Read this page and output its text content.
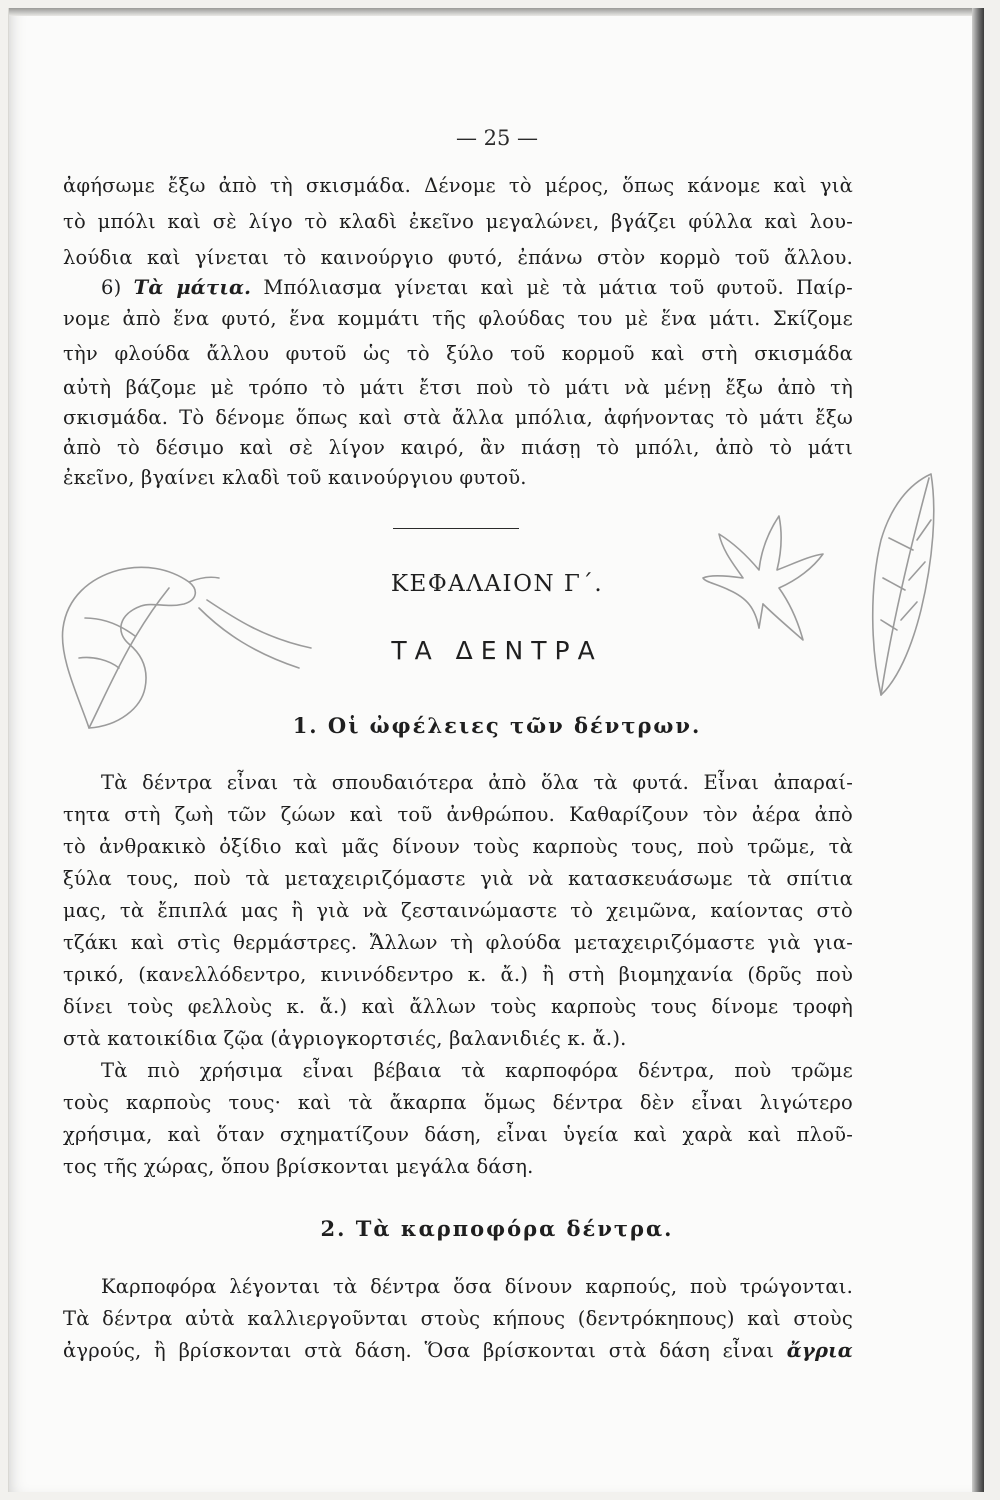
— 25 —
ἀφήσωμε ἔξω ἀπὸ τὴ σκισμάδα. Δένομε τὸ μέρος, ὅπως κάνομε καὶ γιὰ
τὸ μπόλι καὶ σὲ λίγο τὸ κλαδὶ ἐκεῖνο μεγαλώνει, βγάζει φύλλα καὶ λου-
λούδια καὶ γίνεται τὸ καινούργιο φυτό, ἐπάνω στὸν κορμὸ τοῦ ἄλλου.
6) Τὰ μάτια. Μπόλιασμα γίνεται καὶ μὲ τὰ μάτια τοῦ φυτοῦ. Παίρ-
νομε ἀπὸ ἕνα φυτό, ἕνα κομμάτι τῆς φλούδας του μὲ ἕνα μάτι. Σκίζομε
τὴν φλούδα ἄλλου φυτοῦ ὡς τὸ ξύλο τοῦ κορμοῦ καὶ στὴ σκισμάδα
αὐτὴ βάζομε μὲ τρόπο τὸ μάτι ἔτσι ποὺ τὸ μάτι νὰ μένῃ ἔξω ἀπὸ τὴ
σκισμάδα. Τὸ δένομε ὅπως καὶ στὰ ἄλλα μπόλια, ἀφήνοντας τὸ μάτι ἔξω
ἀπὸ τὸ δέσιμο καὶ σὲ λίγον καιρό, ἂν πιάσῃ τὸ μπόλι, ἀπὸ τὸ μάτι
ἐκεῖνο, βγαίνει κλαδὶ τοῦ καινούργιου φυτοῦ.
ΚΕΦΑΛΑΙΟΝ Γ΄.
ΤΑ ΔΕΝΤΡΑ
1. Οἱ ὠφέλειες τῶν δέντρων.
Τὰ δέντρα εἶναι τὰ σπουδαιότερα ἀπὸ ὅλα τὰ φυτά. Εἶναι ἀπαραί-
τητα στὴ ζωὴ τῶν ζώων καὶ τοῦ ἀνθρώπου. Καθαρίζουν τὸν ἀέρα ἀπὸ
τὸ ἀνθρακικὸ ὀξίδιο καὶ μᾶς δίνουν τοὺς καρποὺς τους, ποὺ τρῶμε, τὰ
ξύλα τους, ποὺ τὰ μεταχειριζόμαστε γιὰ νὰ κατασκευάσωμε τὰ σπίτια
μας, τὰ ἔπιπλά μας ἢ γιὰ νὰ ζεσταινώμαστε τὸ χειμῶνα, καίοντας στὸ
τζάκι καὶ στὶς θερμάστρες. Ἄλλων τὴ φλούδα μεταχειριζόμαστε γιὰ για-
τρικό, (κανελλόδεντρο, κινινόδεντρο κ. ἄ.) ἢ στὴ βιομηχανία (δρῦς ποὺ
δίνει τοὺς φελλοὺς κ. ἄ.) καὶ ἄλλων τοὺς καρποὺς τους δίνομε τροφὴ
στὰ κατοικίδια ζῷα (ἀγριογκορτσιές, βαλανιδιές κ. ἄ.).
Τὰ πιὸ χρήσιμα εἶναι βέβαια τὰ καρποφόρα δέντρα, ποὺ τρῶμε
τοὺς καρποὺς τους· καὶ τὰ ἄκαρπα ὅμως δέντρα δὲν εἶναι λιγώτερο
χρήσιμα, καὶ ὅταν σχηματίζουν δάση, εἶναι ὑγεία καὶ χαρὰ καὶ πλοῦ-
τος τῆς χώρας, ὅπου βρίσκονται μεγάλα δάση.
2. Τὰ καρποφόρα δέντρα.
Καρποφόρα λέγονται τὰ δέντρα ὅσα δίνουν καρπούς, ποὺ τρώγονται.
Τὰ δέντρα αὐτὰ καλλιεργοῦνται στοὺς κήπους (δεντρόκηπους) καὶ στοὺς
ἀγρούς, ἢ βρίσκονται στὰ δάση. Ὅσα βρίσκονται στὰ δάση εἶναι ἄγρια
